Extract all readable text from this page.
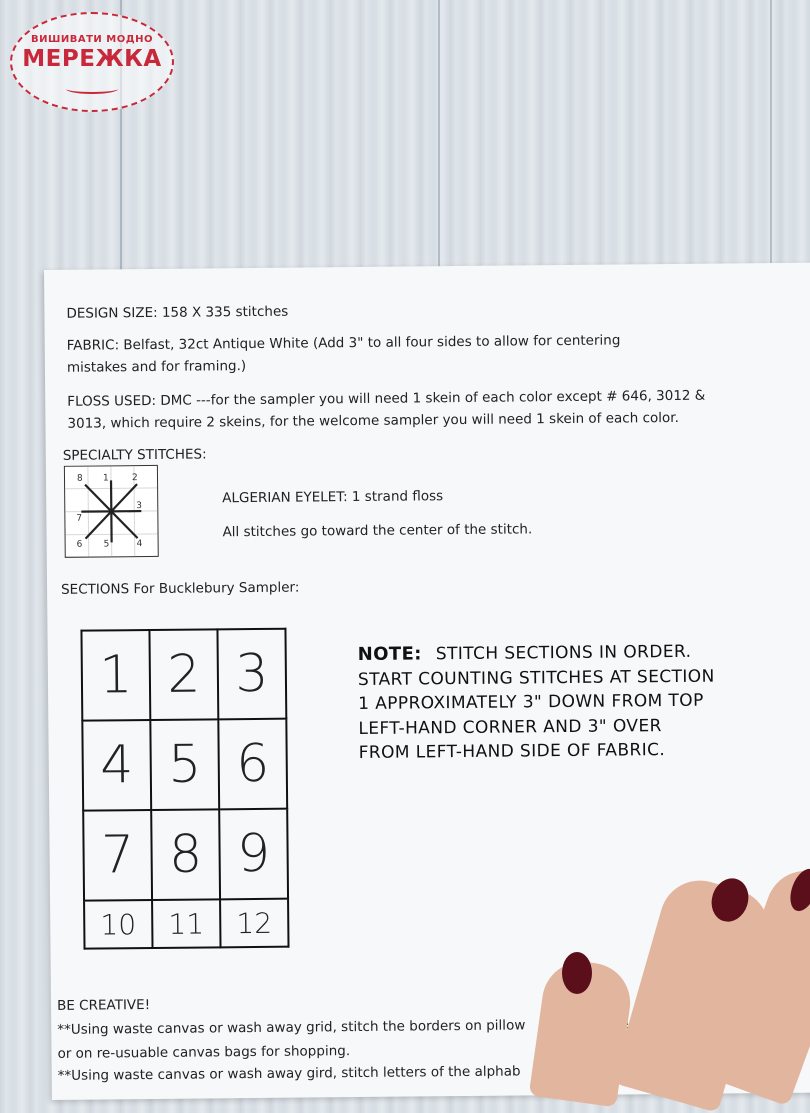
ВИШИВАТИ МОДНО
МЕРЕЖКА
DESIGN SIZE: 158 X 335 stitches
FABRIC: Belfast, 32ct Antique White (Add 3" to all four sides to allow for centering
mistakes and for framing.)
FLOSS USED: DMC ---for the sampler you will need 1 skein of each color except # 646, 3012 &
3013, which require 2 skeins, for the welcome sampler you will need 1 skein of each color.
SPECIALTY STITCHES:
8 1	2
3
7
6 5	4
ALGERIAN EYELET: 1 strand floss
All stitches go toward the center of the stitch.
SECTIONS For Bucklebury Sampler:
1	2	3
4	5	6
7	8	9
10	11	12
NOTE: STITCH SECTIONS IN ORDER. START COUNTING STITCHES AT SECTION 1 APPROXIMATELY 3" DOWN FROM TOP LEFT-HAND CORNER AND 3" OVER FROM LEFT-HAND SIDE OF FABRIC.
BE CREATIVE!
**Using waste canvas or wash away grid, stitch the borders on pillow
or on re-usuable canvas bags for shopping.
**Using waste canvas or wash away gird, stitch letters of the alphab
